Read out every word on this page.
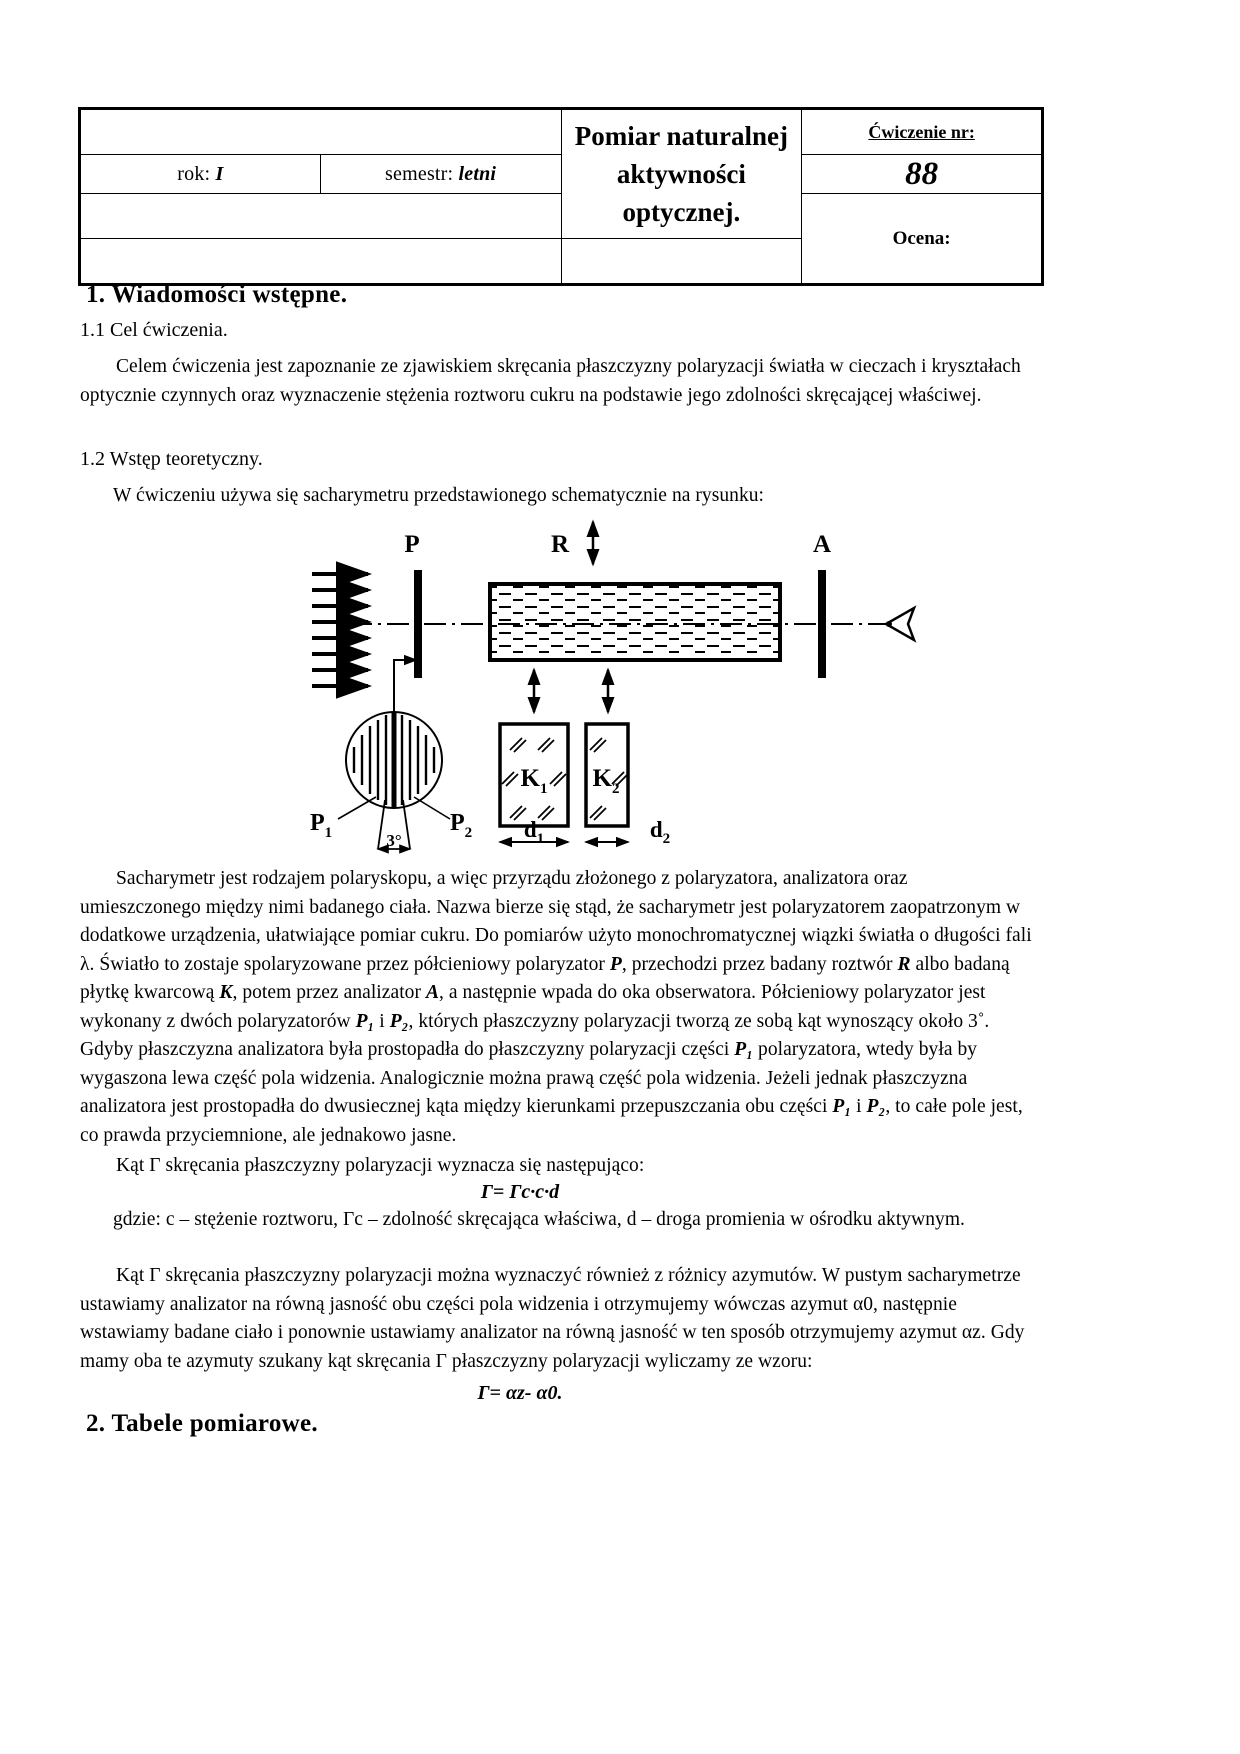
		Pomiar naturalnej aktywności optycznej.	Ćwiczenie nr:
rok: I	semestr: letni		88
			Ocena:

1. Wiadomości wstępne.
1.1 Cel ćwiczenia.
Celem ćwiczenia jest zapoznanie ze zjawiskiem skręcania płaszczyzny polaryzacji światła w cieczach i kryształach optycznie czynnych oraz wyznaczenie stężenia roztworu cukru na podstawie jego zdolności skręcającej właściwej.
1.2 Wstęp teoretyczny.
W ćwiczeniu używa się sacharymetru przedstawionego schematycznie na rysunku:
P	R	A
$P_1$	$P_2$
3°
$K_1$ $K_2$
$d_1$	$d_2$
Sacharymetr jest rodzajem polaryskopu, a więc przyrządu złożonego z polaryzatora, analizatora oraz umieszczonego między nimi badanego ciała. Nazwa bierze się stąd, że sacharymetr jest polaryzatorem zaopatrzonym w dodatkowe urządzenia, ułatwiające pomiar cukru. Do pomiarów użyto monochromatycznej wiązki światła o długości fali λ. Światło to zostaje spolaryzowane przez półcieniowy polaryzator P, przechodzi przez badany roztwór R albo badaną płytkę kwarcową K, potem przez analizator A, a następnie wpada do oka obserwatora. Półcieniowy polaryzator jest wykonany z dwóch polaryzatorów P₁ i P₂, których płaszczyzny polaryzacji tworzą ze sobą kąt wynoszący około 3˚. Gdyby płaszczyzna analizatora była prostopadła do płaszczyzny polaryzacji części P₁ polaryzatora, wtedy była by wygaszona lewa część pola widzenia. Analogicznie można prawą część pola widzenia. Jeżeli jednak płaszczyzna analizatora jest prostopadła do dwusiecznej kąta między kierunkami przepuszczania obu części P₁ i P₂, to całe pole jest, co prawda przyciemnione, ale jednakowo jasne.
Kąt Γ skręcania płaszczyzny polaryzacji wyznacza się następująco:
Γ= Γc·c·d
gdzie: c – stężenie roztworu, Γc – zdolność skręcająca właściwa, d – droga promienia w ośrodku aktywnym.
Kąt Γ skręcania płaszczyzny polaryzacji można wyznaczyć również z różnicy azymutów. W pustym sacharymetrze ustawiamy analizator na równą jasność obu części pola widzenia i otrzymujemy wówczas azymut α0, następnie wstawiamy badane ciało i ponownie ustawiamy analizator na równą jasność w ten sposób otrzymujemy azymut αz. Gdy mamy oba te azymuty szukany kąt skręcania Γ płaszczyzny polaryzacji wyliczamy ze wzoru:
Γ= αz- α0.
2. Tabele pomiarowe.
